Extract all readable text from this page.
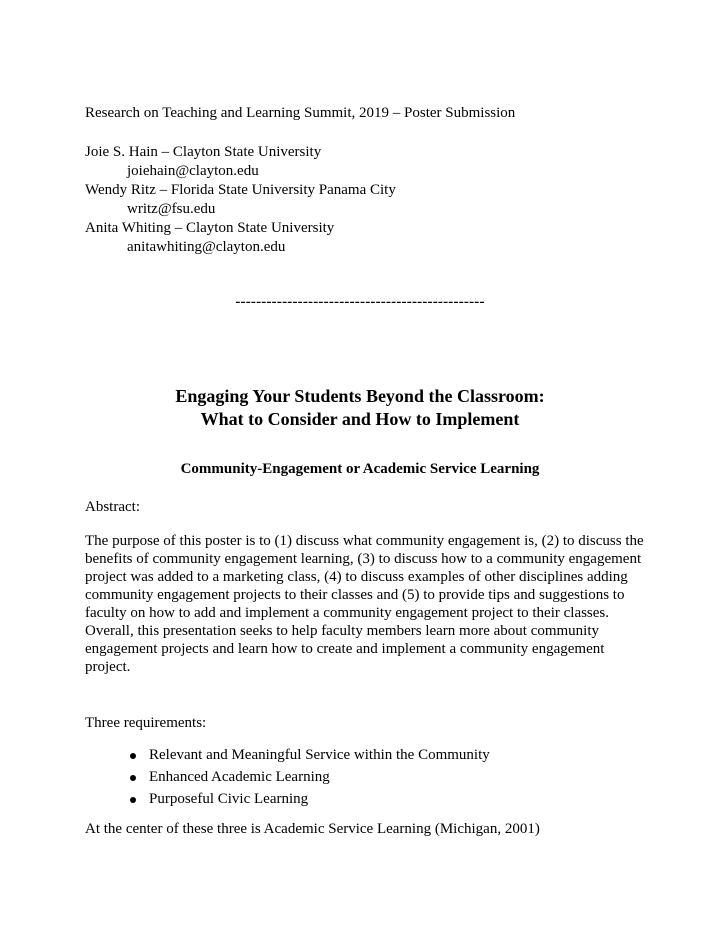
Research on Teaching and Learning Summit, 2019 – Poster Submission
Joie S. Hain – Clayton State University
joiehain@clayton.edu
Wendy Ritz – Florida State University Panama City
writz@fsu.edu
Anita Whiting – Clayton State University
anitawhiting@clayton.edu
------------------------------------------------
Engaging Your Students Beyond the Classroom:
What to Consider and How to Implement
Community-Engagement or Academic Service Learning
Abstract:
The purpose of this poster is to (1) discuss what community engagement is, (2) to discuss the benefits of community engagement learning, (3) to discuss how to a community engagement project was added to a marketing class, (4) to discuss examples of other disciplines adding community engagement projects to their classes and (5) to provide tips and suggestions to faculty on how to add and implement a community engagement project to their classes. Overall, this presentation seeks to help faculty members learn more about community engagement projects and learn how to create and implement a community engagement project.
Three requirements:
Relevant and Meaningful Service within the Community
Enhanced Academic Learning
Purposeful Civic Learning
At the center of these three is Academic Service Learning (Michigan, 2001)
